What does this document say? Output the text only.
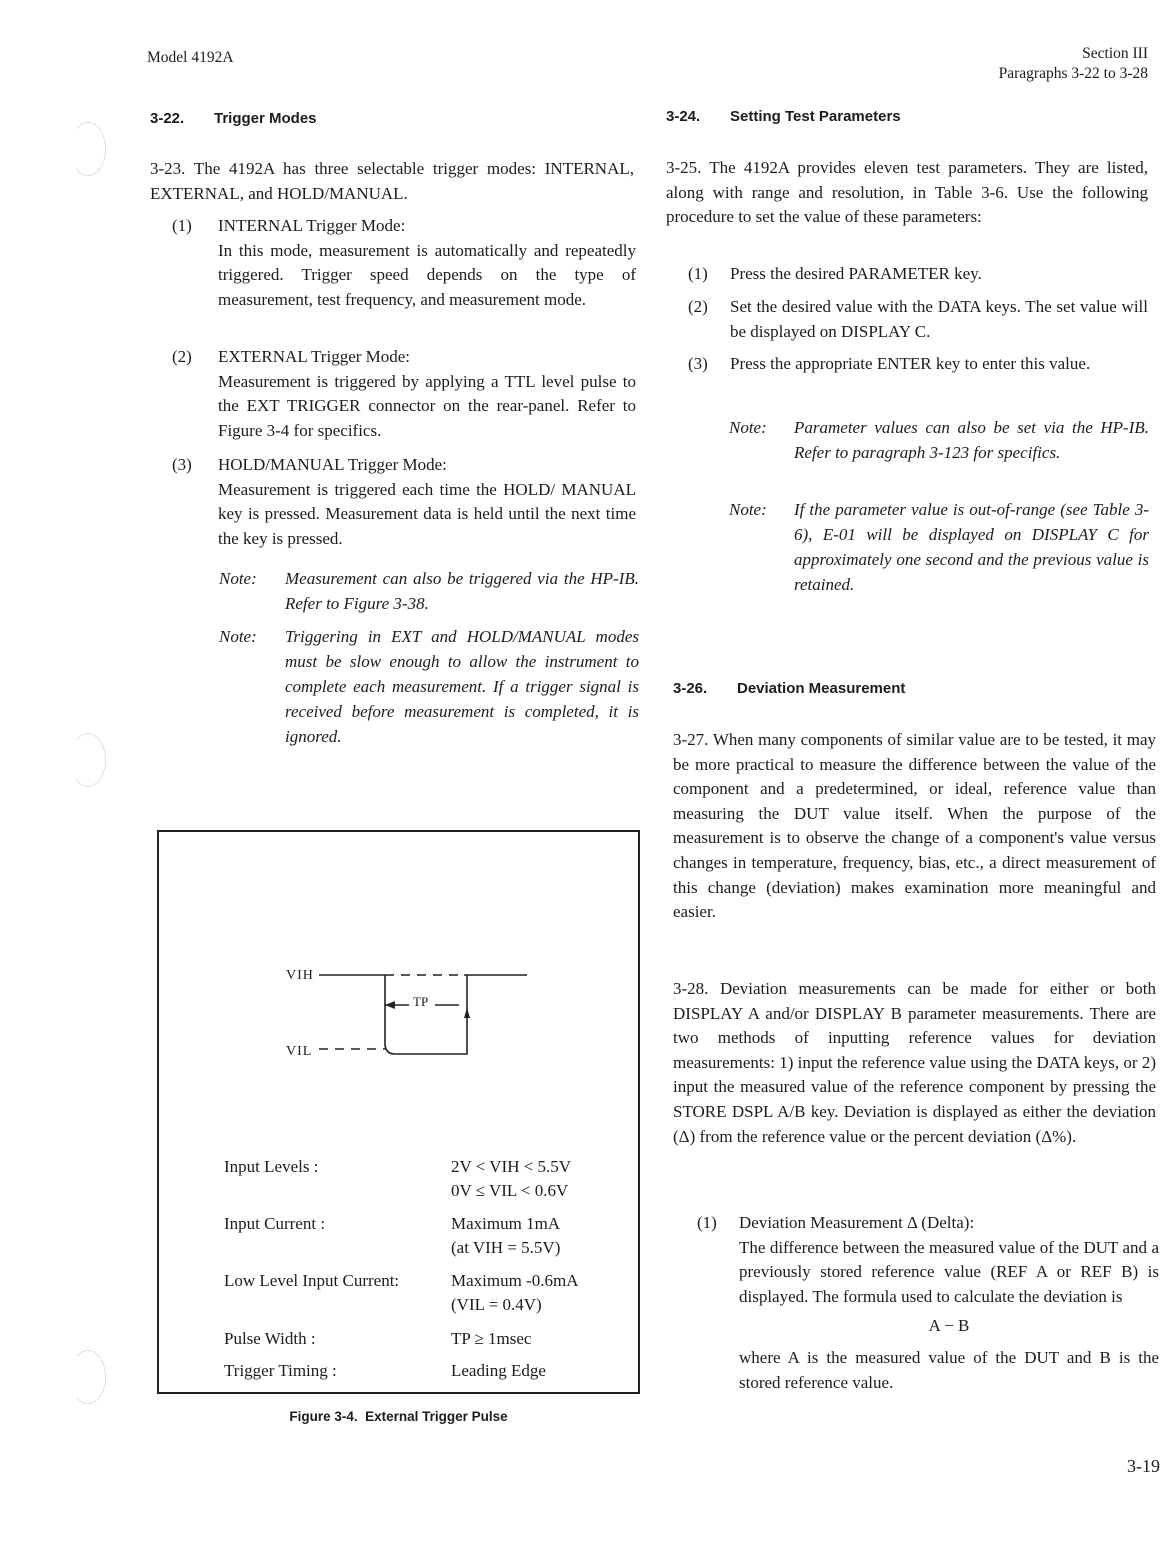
Model 4192A	Section III
Paragraphs 3-22 to 3-28
3-22. Trigger Modes

3-23. The 4192A has three selectable trigger modes: INTERNAL, EXTERNAL, and HOLD/MANUAL.

(1) INTERNAL Trigger Mode:
In this mode, measurement is automatically and repeatedly triggered. Trigger speed depends on the type of measurement, test frequency, and measurement mode.
(2) EXTERNAL Trigger Mode:
Measurement is triggered by applying a TTL level pulse to the EXT TRIGGER connector on the rear-panel. Refer to Figure 3-4 for specifics.
(3) HOLD/MANUAL Trigger Mode:
Measurement is triggered each time the HOLD/ MANUAL key is pressed. Measurement data is held until the next time the key is pressed.
Note: Measurement can also be triggered via the HP-IB. Refer to Figure 3-38.
Note: Triggering in EXT and HOLD/MANUAL modes must be slow enough to allow the instrument to complete each measurement. If a trigger signal is received before measurement is completed, it is ignored.
VIH
VIL
TP
Input Levels :	2V < VIH < 5.5V
0V ≤ VIL < 0.6V
Input Current :	Maximum 1mA
(at VIH = 5.5V)
Low Level Input Current:	Maximum -0.6mA
(VIL = 0.4V)
Pulse Width :	TP ≥ 1msec
Trigger Timing :	Leading Edge
Figure 3-4.  External Trigger Pulse
3-24. Setting Test Parameters

3-25. The 4192A provides eleven test parameters. They are listed, along with range and resolution, in Table 3-6. Use the following procedure to set the value of these parameters:

(1) Press the desired PARAMETER key.
(2) Set the desired value with the DATA keys. The set value will be displayed on DISPLAY C.
(3) Press the appropriate ENTER key to enter this value.
Note: Parameter values can also be set via the HP-IB. Refer to paragraph 3-123 for specifics.
Note: If the parameter value is out-of-range (see Table 3-6), E-01 will be displayed on DISPLAY C for approximately one second and the previous value is retained.
3-26. Deviation Measurement

3-27. When many components of similar value are to be tested, it may be more practical to measure the difference between the value of the component and a predetermined, or ideal, reference value than measuring the DUT value itself. When the purpose of the measurement is to observe the change of a component's value versus changes in temperature, frequency, bias, etc., a direct measurement of this change (deviation) makes examination more meaningful and easier.

3-28. Deviation measurements can be made for either or both DISPLAY A and/or DISPLAY B parameter measurements. There are two methods of inputting reference values for deviation measurements: 1) input the reference value using the DATA keys, or 2) input the measured value of the reference component by pressing the STORE DSPL A/B key. Deviation is displayed as either the deviation (Δ) from the reference value or the percent deviation (Δ%).

(1) Deviation Measurement Δ (Delta):
The difference between the measured value of the DUT and a previously stored reference value (REF A or REF B) is displayed. The formula used to calculate the deviation is
A − B
where A is the measured value of the DUT and B is the stored reference value.
3-19
